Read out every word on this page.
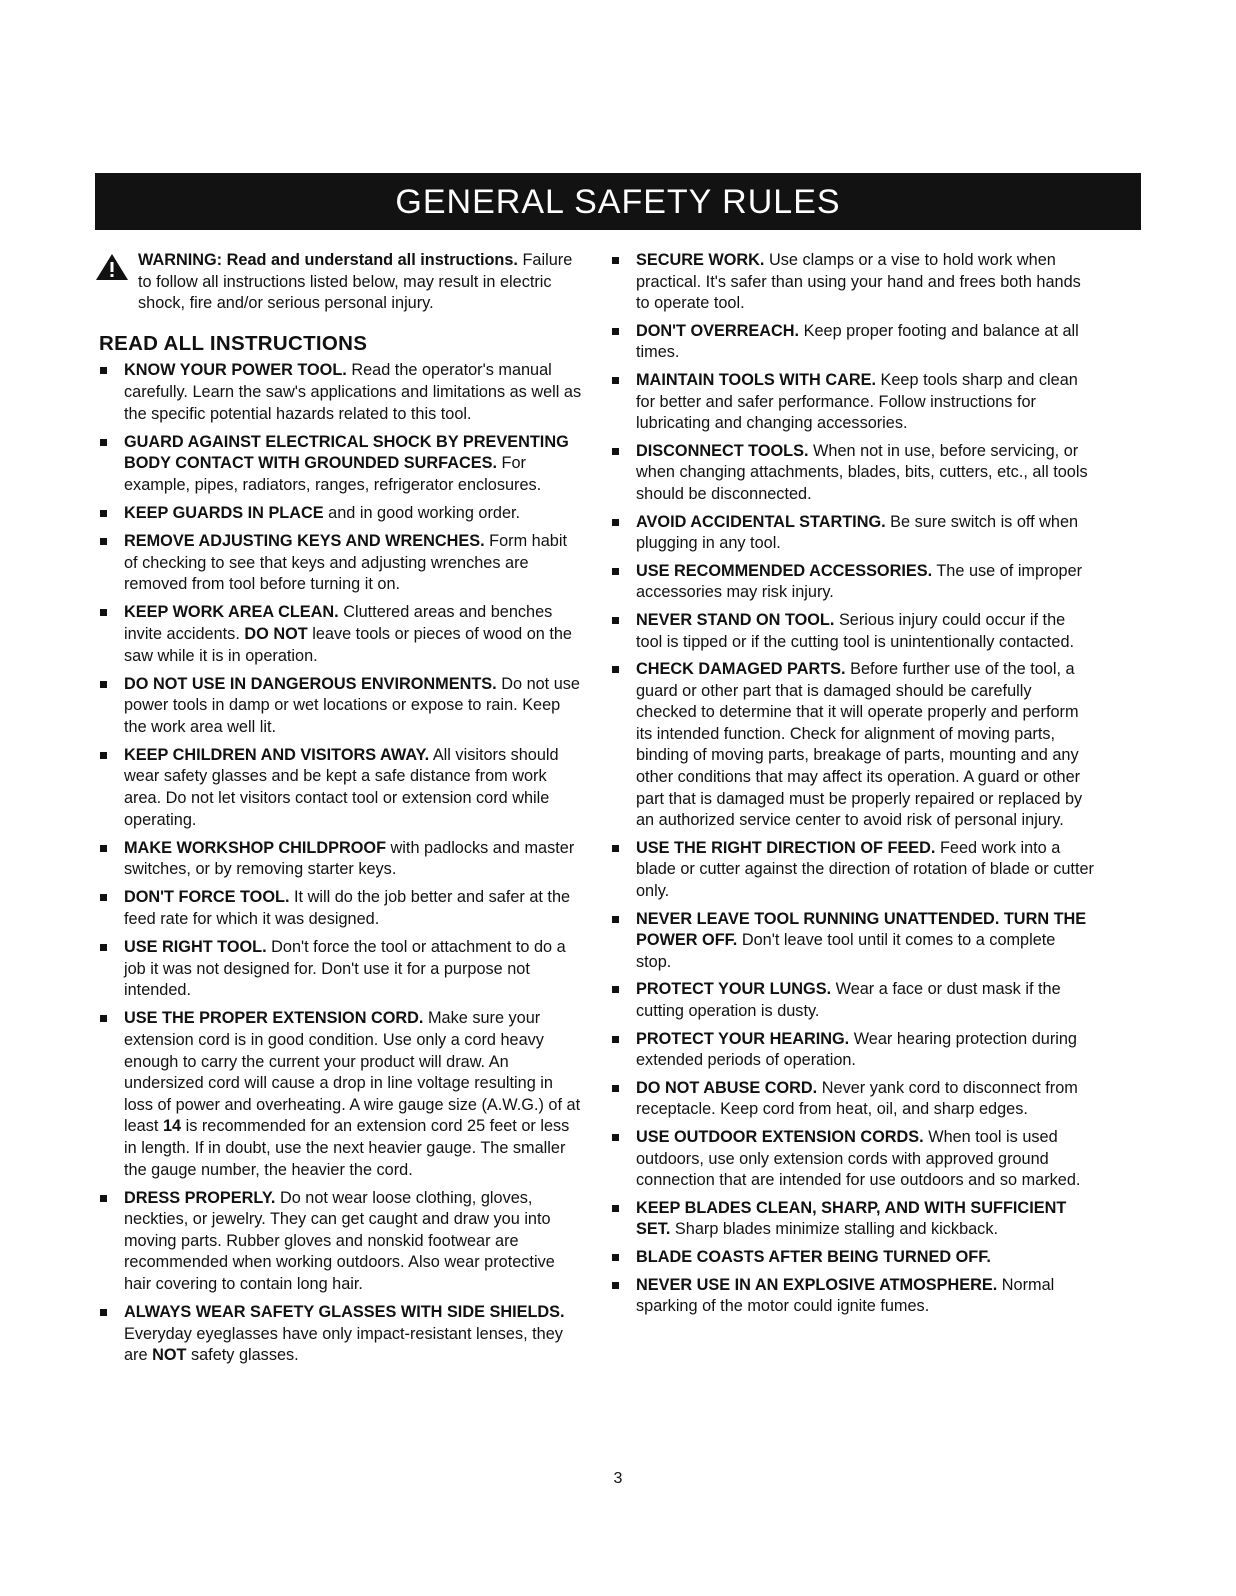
GENERAL SAFETY RULES
WARNING: Read and understand all instructions. Failure to follow all instructions listed below, may result in electric shock, fire and/or serious personal injury.
READ ALL INSTRUCTIONS
KNOW YOUR POWER TOOL. Read the operator's manual carefully. Learn the saw's applications and limitations as well as the specific potential hazards related to this tool.
GUARD AGAINST ELECTRICAL SHOCK BY PREVENTING BODY CONTACT WITH GROUNDED SURFACES. For example, pipes, radiators, ranges, refrigerator enclosures.
KEEP GUARDS IN PLACE and in good working order.
REMOVE ADJUSTING KEYS AND WRENCHES. Form habit of checking to see that keys and adjusting wrenches are removed from tool before turning it on.
KEEP WORK AREA CLEAN. Cluttered areas and benches invite accidents. DO NOT leave tools or pieces of wood on the saw while it is in operation.
DO NOT USE IN DANGEROUS ENVIRONMENTS. Do not use power tools in damp or wet locations or expose to rain. Keep the work area well lit.
KEEP CHILDREN AND VISITORS AWAY. All visitors should wear safety glasses and be kept a safe distance from work area. Do not let visitors contact tool or extension cord while operating.
MAKE WORKSHOP CHILDPROOF with padlocks and master switches, or by removing starter keys.
DON'T FORCE TOOL. It will do the job better and safer at the feed rate for which it was designed.
USE RIGHT TOOL. Don't force the tool or attachment to do a job it was not designed for. Don't use it for a purpose not intended.
USE THE PROPER EXTENSION CORD. Make sure your extension cord is in good condition. Use only a cord heavy enough to carry the current your product will draw. An undersized cord will cause a drop in line voltage resulting in loss of power and overheating. A wire gauge size (A.W.G.) of at least 14 is recommended for an extension cord 25 feet or less in length. If in doubt, use the next heavier gauge. The smaller the gauge number, the heavier the cord.
DRESS PROPERLY. Do not wear loose clothing, gloves, neckties, or jewelry. They can get caught and draw you into moving parts. Rubber gloves and nonskid footwear are recommended when working outdoors. Also wear protective hair covering to contain long hair.
ALWAYS WEAR SAFETY GLASSES WITH SIDE SHIELDS. Everyday eyeglasses have only impact-resistant lenses, they are NOT safety glasses.
SECURE WORK. Use clamps or a vise to hold work when practical. It's safer than using your hand and frees both hands to operate tool.
DON'T OVERREACH. Keep proper footing and balance at all times.
MAINTAIN TOOLS WITH CARE. Keep tools sharp and clean for better and safer performance. Follow instructions for lubricating and changing accessories.
DISCONNECT TOOLS. When not in use, before servicing, or when changing attachments, blades, bits, cutters, etc., all tools should be disconnected.
AVOID ACCIDENTAL STARTING. Be sure switch is off when plugging in any tool.
USE RECOMMENDED ACCESSORIES. The use of improper accessories may risk injury.
NEVER STAND ON TOOL. Serious injury could occur if the tool is tipped or if the cutting tool is unintentionally contacted.
CHECK DAMAGED PARTS. Before further use of the tool, a guard or other part that is damaged should be carefully checked to determine that it will operate properly and perform its intended function. Check for alignment of moving parts, binding of moving parts, breakage of parts, mounting and any other conditions that may affect its operation. A guard or other part that is damaged must be properly repaired or replaced by an authorized service center to avoid risk of personal injury.
USE THE RIGHT DIRECTION OF FEED. Feed work into a blade or cutter against the direction of rotation of blade or cutter only.
NEVER LEAVE TOOL RUNNING UNATTENDED. TURN THE POWER OFF. Don't leave tool until it comes to a complete stop.
PROTECT YOUR LUNGS. Wear a face or dust mask if the cutting operation is dusty.
PROTECT YOUR HEARING. Wear hearing protection during extended periods of operation.
DO NOT ABUSE CORD. Never yank cord to disconnect from receptacle. Keep cord from heat, oil, and sharp edges.
USE OUTDOOR EXTENSION CORDS. When tool is used outdoors, use only extension cords with approved ground connection that are intended for use outdoors and so marked.
KEEP BLADES CLEAN, SHARP, AND WITH SUFFICIENT SET. Sharp blades minimize stalling and kickback.
BLADE COASTS AFTER BEING TURNED OFF.
NEVER USE IN AN EXPLOSIVE ATMOSPHERE. Normal sparking of the motor could ignite fumes.
3
